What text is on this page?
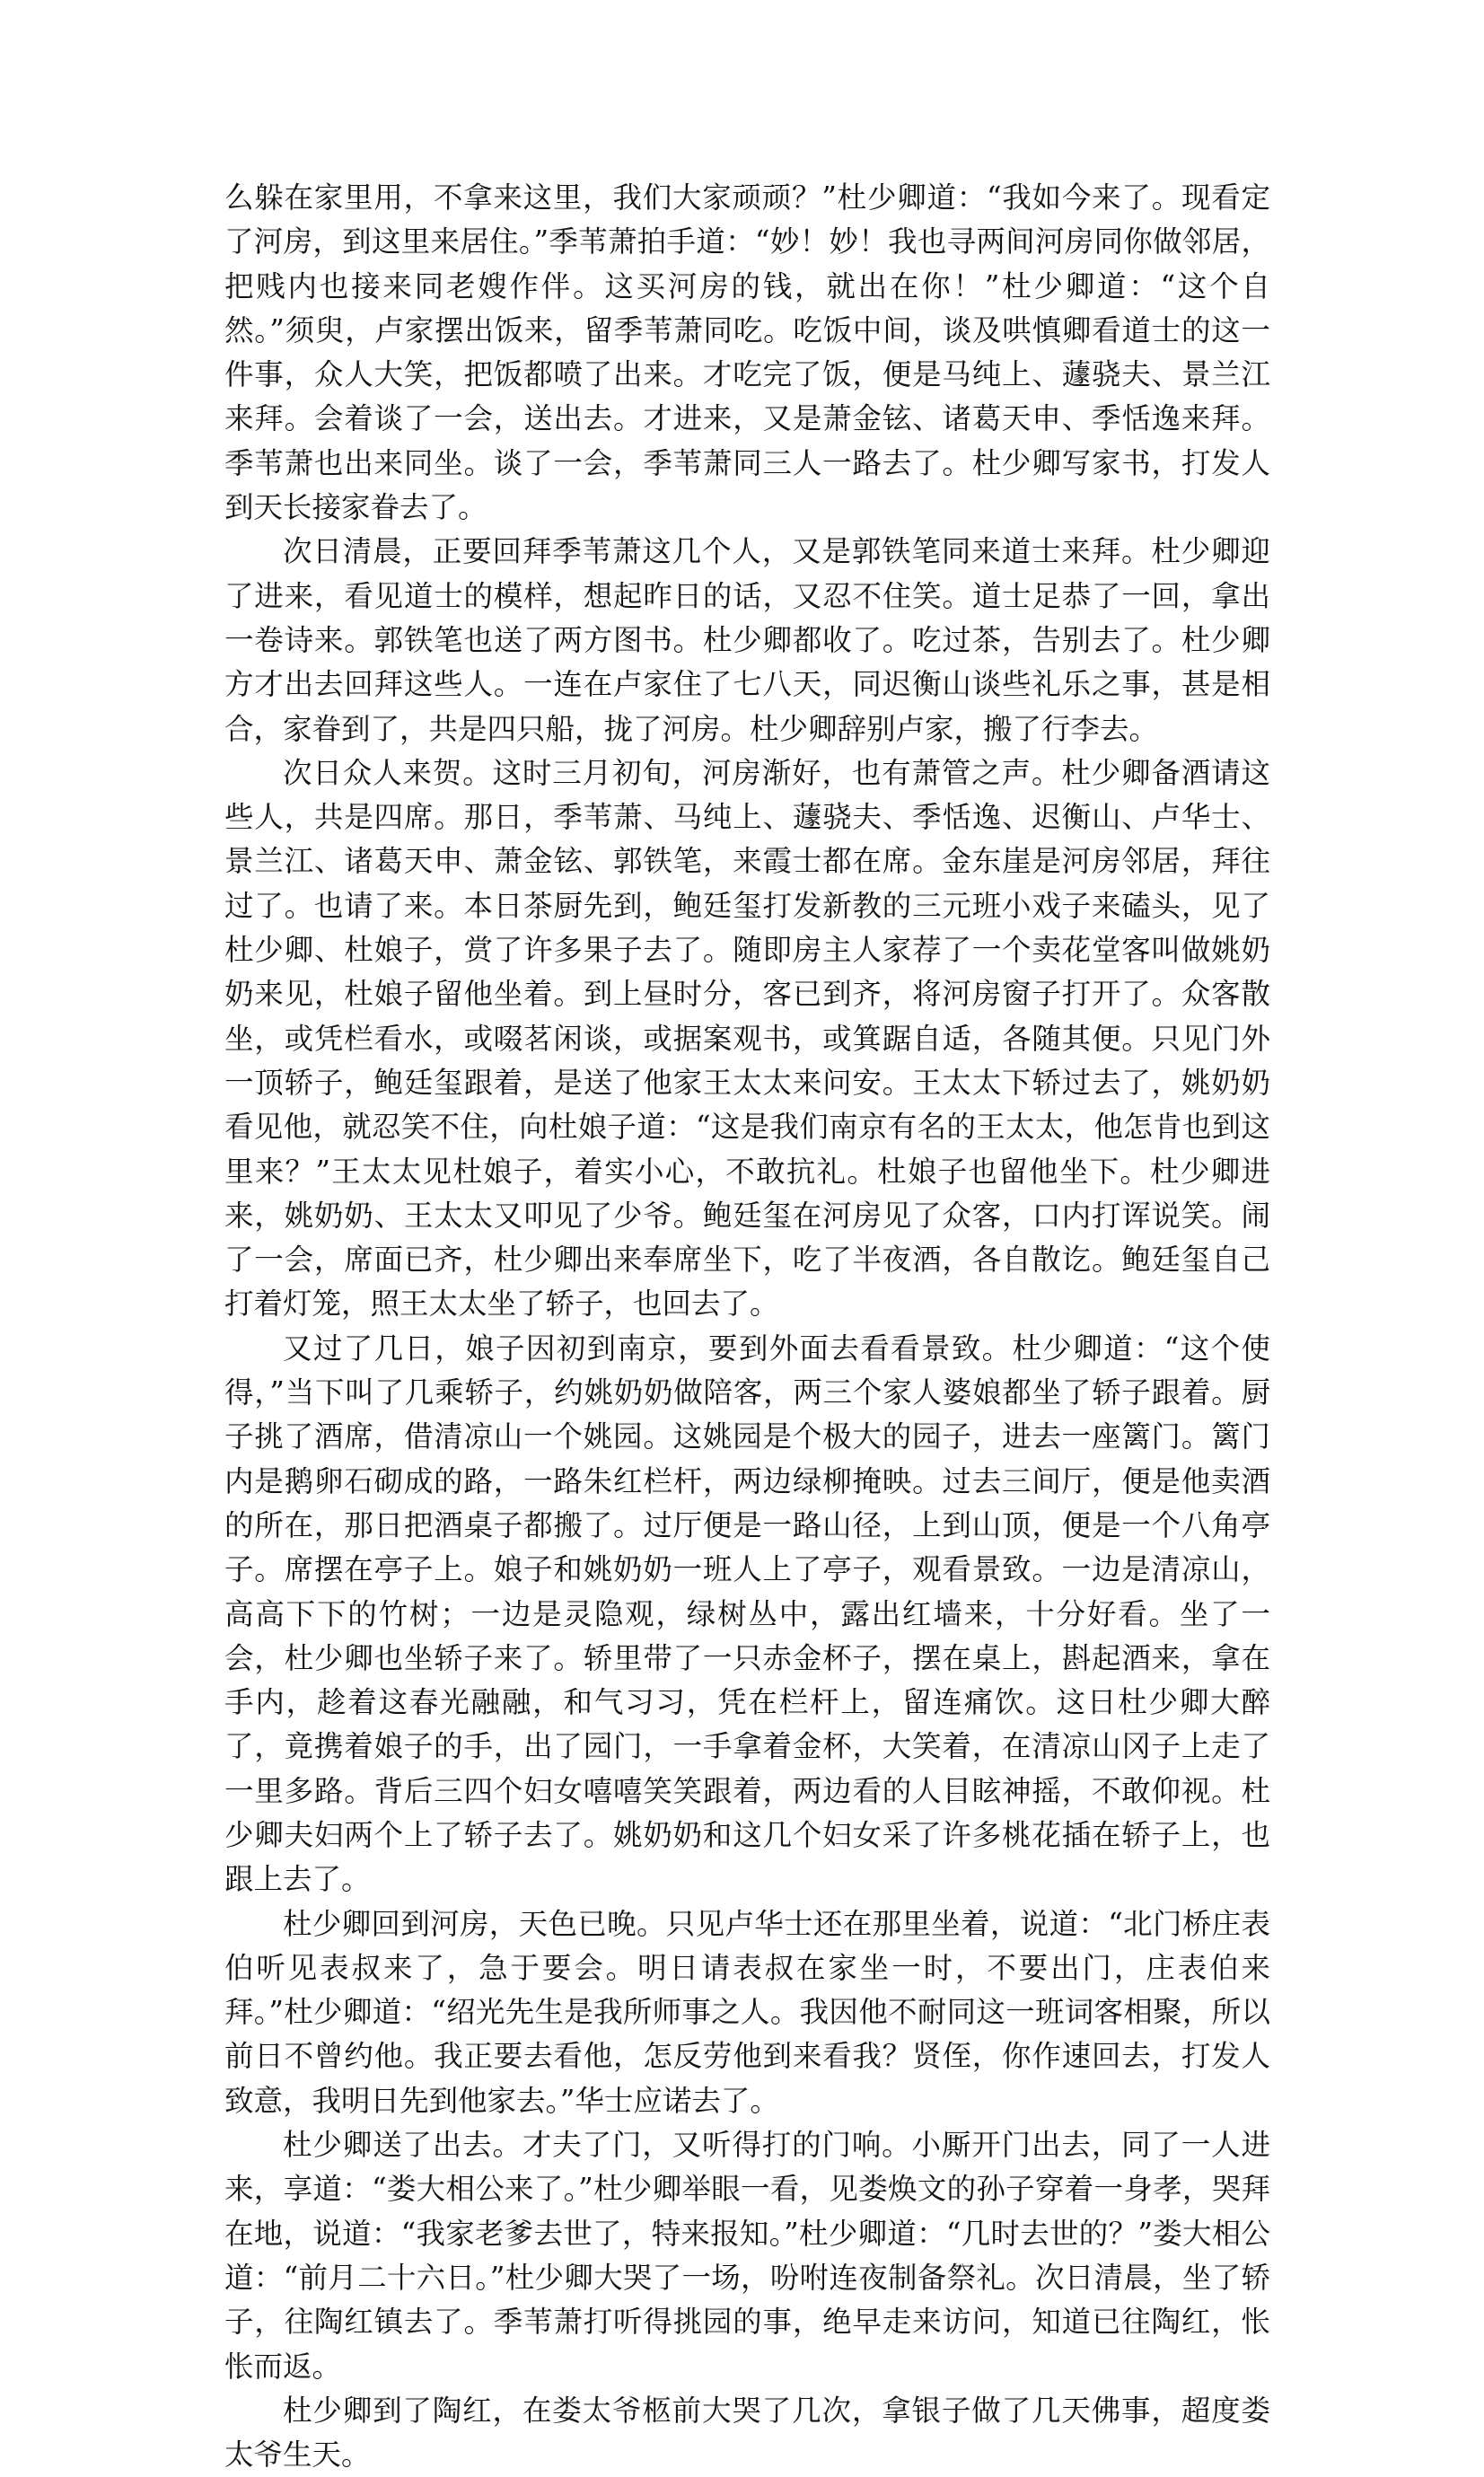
么躲在家里用，不拿来这里，我们大家顽顽？”杜少卿道：“我如今来了。现看定了河房，到这里来居住。”季苇萧拍手道：“妙！妙！我也寻两间河房同你做邻居，把贱内也接来同老嫂作伴。这买河房的钱，就出在你！”杜少卿道：“这个自然。”须臾，卢家摆出饭来，留季苇萧同吃。吃饭中间，谈及哄慎卿看道士的这一件事，众人大笑，把饭都喷了出来。才吃完了饭，便是马纯上、蘧骁夫、景兰江来拜。会着谈了一会，送出去。才进来，又是萧金铉、诸葛天申、季恬逸来拜。季苇萧也出来同坐。谈了一会，季苇萧同三人一路去了。杜少卿写家书，打发人到天长接家眷去了。

次日清晨，正要回拜季苇萧这几个人，又是郭铁笔同来道士来拜。杜少卿迎了进来，看见道士的模样，想起昨日的话，又忍不住笑。道士足恭了一回，拿出一卷诗来。郭铁笔也送了两方图书。杜少卿都收了。吃过茶，告别去了。杜少卿方才出去回拜这些人。一连在卢家住了七八天，同迟衡山谈些礼乐之事，甚是相合，家眷到了，共是四只船，拢了河房。杜少卿辞别卢家，搬了行李去。

次日众人来贺。这时三月初旬，河房渐好，也有萧管之声。杜少卿备酒请这些人，共是四席。那日，季苇萧、马纯上、蘧骁夫、季恬逸、迟衡山、卢华士、景兰江、诸葛天申、萧金铉、郭铁笔，来霞士都在席。金东崖是河房邻居，拜往过了。也请了来。本日茶厨先到，鲍廷玺打发新教的三元班小戏子来磕头，见了杜少卿、杜娘子，赏了许多果子去了。随即房主人家荐了一个卖花堂客叫做姚奶奶来见，杜娘子留他坐着。到上昼时分，客已到齐，将河房窗子打开了。众客散坐，或凭栏看水，或啜茗闲谈，或据案观书，或箕踞自适，各随其便。只见门外一顶轿子，鲍廷玺跟着，是送了他家王太太来问安。王太太下轿过去了，姚奶奶看见他，就忍笑不住，向杜娘子道：“这是我们南京有名的王太太，他怎肯也到这里来？”王太太见杜娘子，着实小心，不敢抗礼。杜娘子也留他坐下。杜少卿进来，姚奶奶、王太太又叩见了少爷。鲍廷玺在河房见了众客，口内打诨说笑。闹了一会，席面已齐，杜少卿出来奉席坐下，吃了半夜酒，各自散讫。鲍廷玺自己打着灯笼，照王太太坐了轿子，也回去了。

又过了几日，娘子因初到南京，要到外面去看看景致。杜少卿道：“这个使得，”当下叫了几乘轿子，约姚奶奶做陪客，两三个家人婆娘都坐了轿子跟着。厨子挑了酒席，借清凉山一个姚园。这姚园是个极大的园子，进去一座篱门。篱门内是鹅卵石砌成的路，一路朱红栏杆，两边绿柳掩映。过去三间厅，便是他卖酒的所在，那日把酒桌子都搬了。过厅便是一路山径，上到山顶，便是一个八角亭子。席摆在亭子上。娘子和姚奶奶一班人上了亭子，观看景致。一边是清凉山，高高下下的竹树；一边是灵隐观，绿树丛中，露出红墙来，十分好看。坐了一会，杜少卿也坐轿子来了。轿里带了一只赤金杯子，摆在桌上，斟起酒来，拿在手内，趁着这春光融融，和气习习，凭在栏杆上，留连痛饮。这日杜少卿大醉了，竟携着娘子的手，出了园门，一手拿着金杯，大笑着，在清凉山冈子上走了一里多路。背后三四个妇女嘻嘻笑笑跟着，两边看的人目眩神摇，不敢仰视。杜少卿夫妇两个上了轿子去了。姚奶奶和这几个妇女采了许多桃花插在轿子上，也跟上去了。

杜少卿回到河房，天色已晚。只见卢华士还在那里坐着，说道：“北门桥庄表伯听见表叔来了，急于要会。明日请表叔在家坐一时，不要出门，庄表伯来拜。”杜少卿道：“绍光先生是我所师事之人。我因他不耐同这一班词客相聚，所以前日不曾约他。我正要去看他，怎反劳他到来看我？贤侄，你作速回去，打发人致意，我明日先到他家去。”华士应诺去了。

杜少卿送了出去。才夫了门，又听得打的门响。小厮开门出去，同了一人进来，享道：“娄大相公来了。”杜少卿举眼一看，见娄焕文的孙子穿着一身孝，哭拜在地，说道：“我家老爹去世了，特来报知。”杜少卿道：“几时去世的？”娄大相公道：“前月二十六日。”杜少卿大哭了一场，吩咐连夜制备祭礼。次日清晨，坐了轿子，往陶红镇去了。季苇萧打听得挑园的事，绝早走来访问，知道已往陶红，怅怅而返。

杜少卿到了陶红，在娄太爷柩前大哭了几次，拿银子做了几天佛事，超度娄太爷生天。
